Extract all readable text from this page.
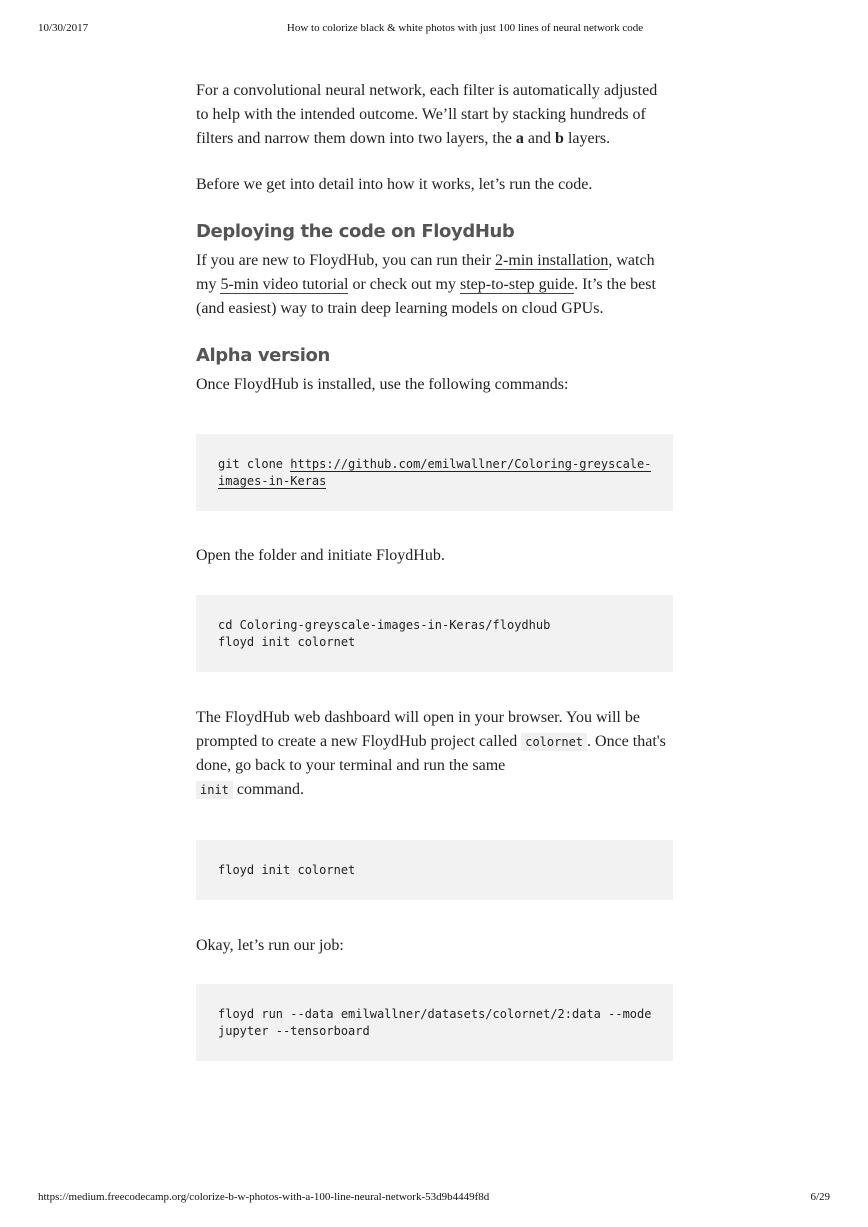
10/30/2017	How to colorize black & white photos with just 100 lines of neural network code

For a convolutional neural network, each filter is automatically adjusted to help with the intended outcome. We’ll start by stacking hundreds of filters and narrow them down into two layers, the a and b layers.

Before we get into detail into how it works, let’s run the code.

Deploying the code on FloydHub

If you are new to FloydHub, you can run their 2-min installation, watch my 5-min video tutorial or check out my step-to-step guide. It’s the best (and easiest) way to train deep learning models on cloud GPUs.

Alpha version

Once FloydHub is installed, use the following commands:

git clone https://github.com/emilwallner/Coloring-greyscale-
images-in-Keras

Open the folder and initiate FloydHub.

cd Coloring-greyscale-images-in-Keras/floydhub
floyd init colornet

The FloydHub web dashboard will open in your browser. You will be prompted to create a new FloydHub project called colornet . Once that's done, go back to your terminal and run the same
init command.

floyd init colornet

Okay, let’s run our job:

floyd run --data emilwallner/datasets/colornet/2:data --mode
jupyter --tensorboard
https://medium.freecodecamp.org/colorize-b-w-photos-with-a-100-line-neural-network-53d9b4449f8d	6/29
